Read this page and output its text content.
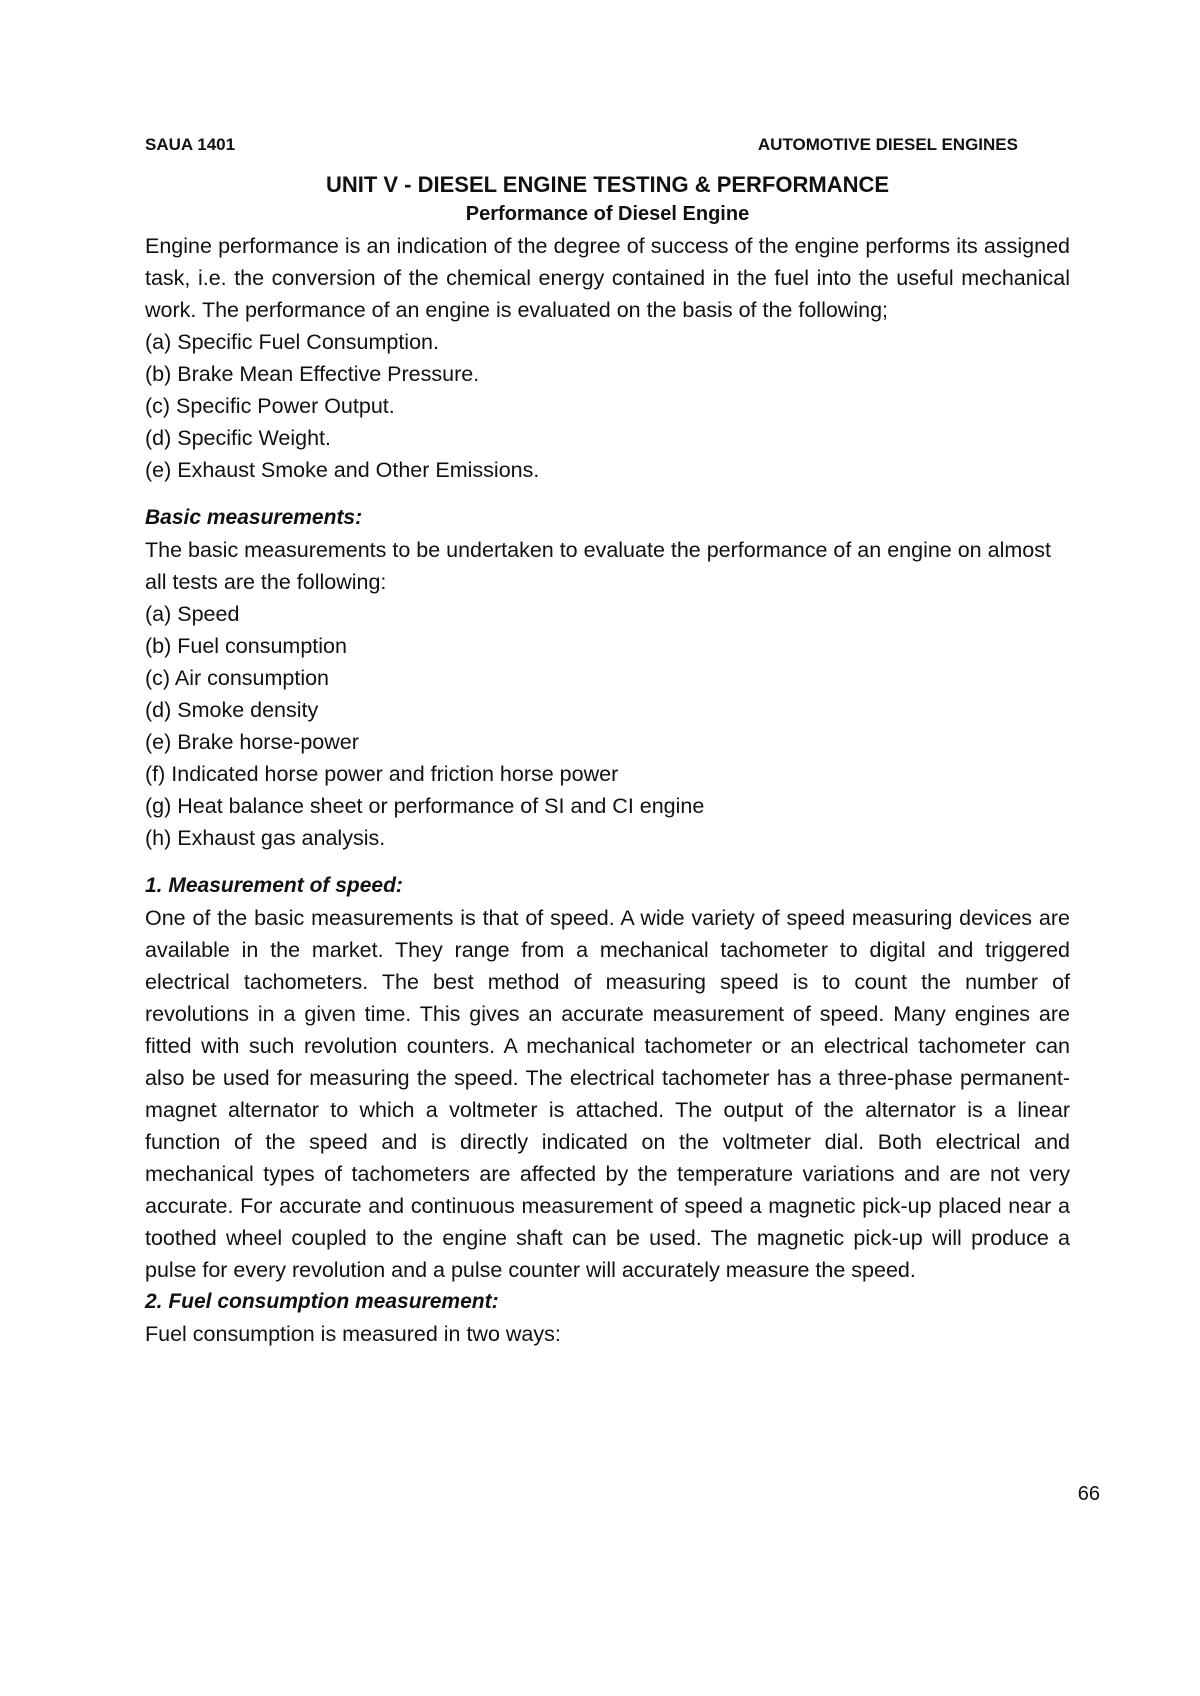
SAUA 1401	AUTOMOTIVE DIESEL ENGINES
UNIT V - DIESEL ENGINE TESTING & PERFORMANCE
Performance of Diesel Engine

Engine performance is an indication of the degree of success of the engine performs its assigned task, i.e. the conversion of the chemical energy contained in the fuel into the useful mechanical work. The performance of an engine is evaluated on the basis of the following;

(a) Specific Fuel Consumption.
(b) Brake Mean Effective Pressure.
(c) Specific Power Output.
(d) Specific Weight.
(e) Exhaust Smoke and Other Emissions.
Basic measurements:

The basic measurements to be undertaken to evaluate the performance of an engine on almost all tests are the following:

(a) Speed
(b) Fuel consumption
(c) Air consumption
(d) Smoke density
(e) Brake horse-power
(f) Indicated horse power and friction horse power
(g) Heat balance sheet or performance of SI and CI engine
(h) Exhaust gas analysis.
1. Measurement of speed:

One of the basic measurements is that of speed. A wide variety of speed measuring devices are available in the market. They range from a mechanical tachometer to digital and triggered electrical tachometers. The best method of measuring speed is to count the number of revolutions in a given time. This gives an accurate measurement of speed. Many engines are fitted with such revolution counters. A mechanical tachometer or an electrical tachometer can also be used for measuring the speed. The electrical tachometer has a three-phase permanent-magnet alternator to which a voltmeter is attached. The output of the alternator is a linear function of the speed and is directly indicated on the voltmeter dial. Both electrical and mechanical types of tachometers are affected by the temperature variations and are not very accurate. For accurate and continuous measurement of speed a magnetic pick-up placed near a toothed wheel coupled to the engine shaft can be used. The magnetic pick-up will produce a pulse for every revolution and a pulse counter will accurately measure the speed.

2. Fuel consumption measurement:

Fuel consumption is measured in two ways:

66
